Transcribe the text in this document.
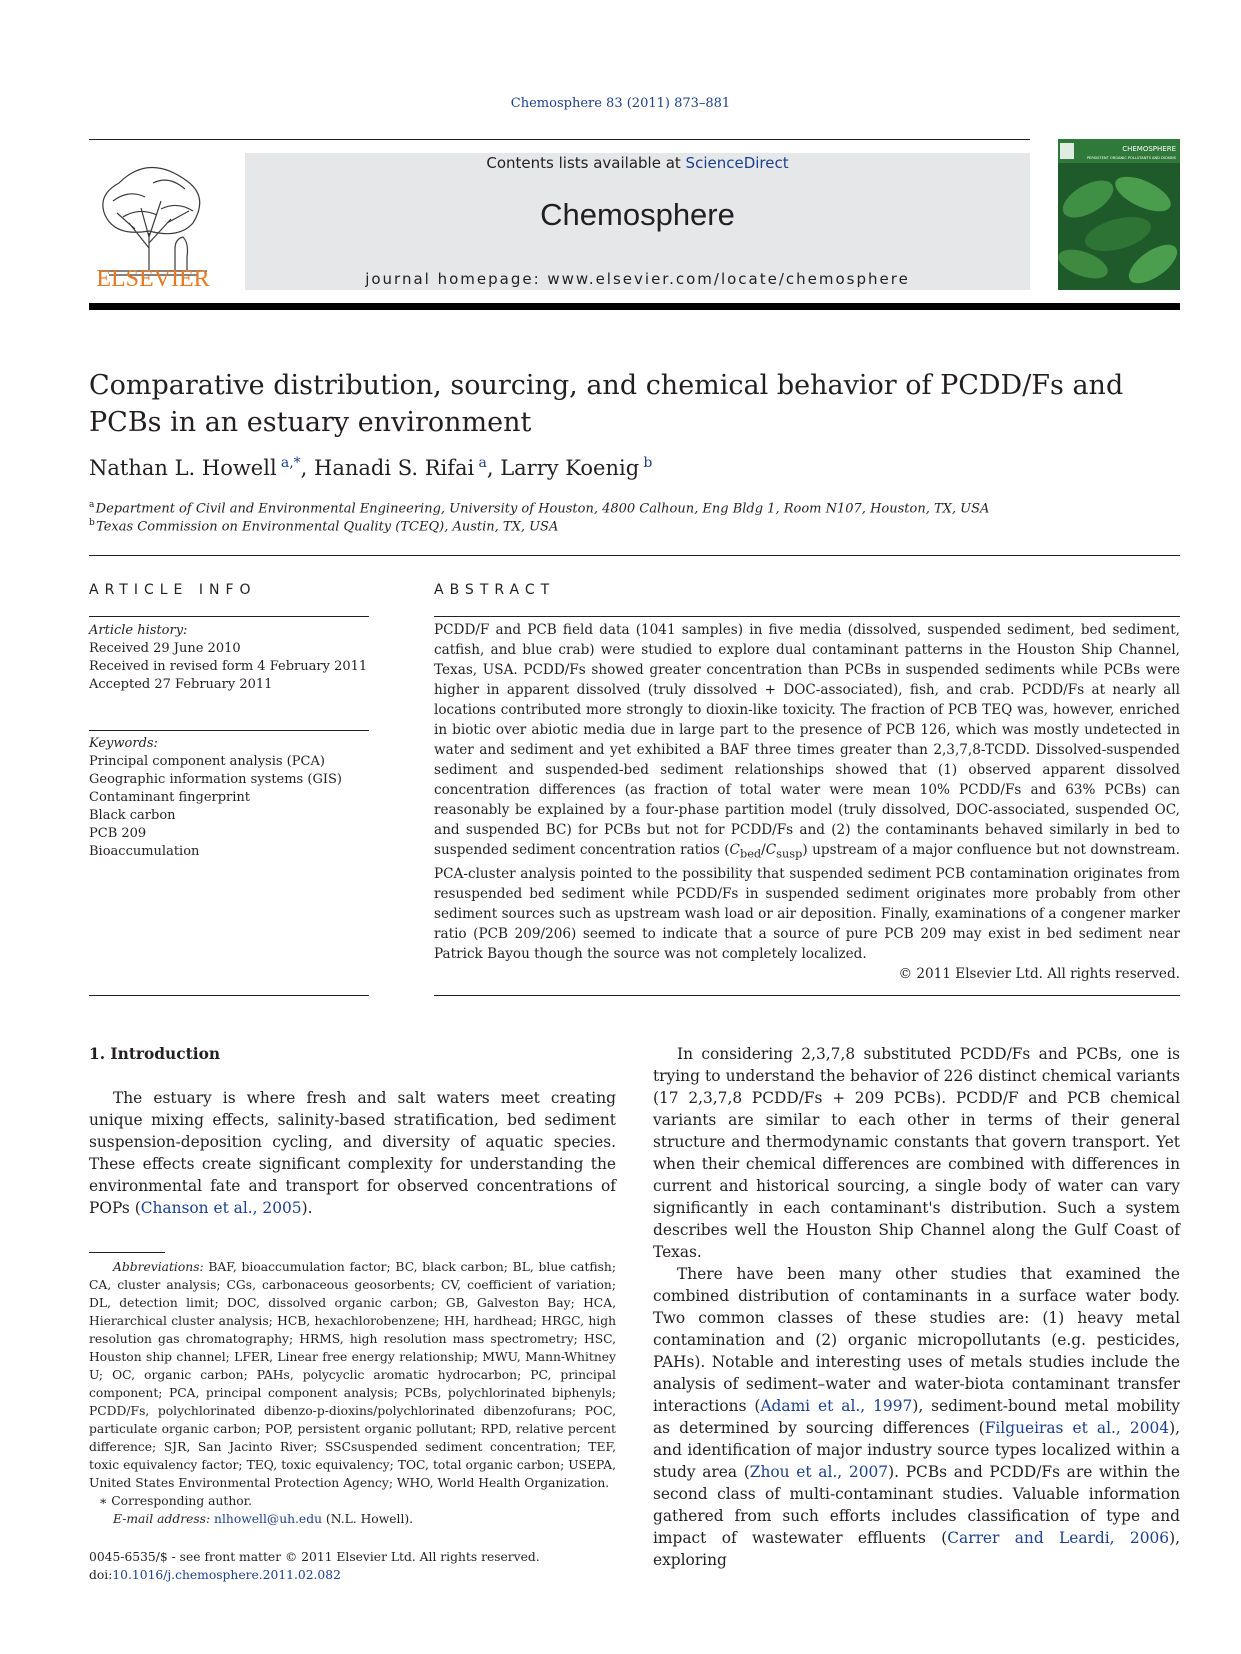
Chemosphere 83 (2011) 873–881
ELSEVIER
Contents lists available at ScienceDirect
Chemosphere
journal homepage: www.elsevier.com/locate/chemosphere
CHEMOSPHERE
PERSISTENT ORGANIC POLLUTANTS AND DIOXINS
Comparative distribution, sourcing, and chemical behavior of PCDD/Fs and PCBs in an estuary environment
Nathan L. Howell  $^{a,*}$, Hanadi S. Rifai  $^a$, Larry Koenig  $^b$
$^a$ Department of Civil and Environmental Engineering, University of Houston, 4800 Calhoun, Eng Bldg 1, Room N107, Houston, TX, USA
$^b$ Texas Commission on Environmental Quality (TCEQ), Austin, TX, USA
ARTICLE INFO
Article history:
Received 29 June 2010
Received in revised form 4 February 2011
Accepted 27 February 2011
Keywords:
Principal component analysis (PCA)
Geographic information systems (GIS)
Contaminant fingerprint
Black carbon
PCB 209
Bioaccumulation
ABSTRACT
PCDD/F and PCB field data (1041 samples) in five media (dissolved, suspended sediment, bed sediment, catfish, and blue crab) were studied to explore dual contaminant patterns in the Houston Ship Channel, Texas, USA. PCDD/Fs showed greater concentration than PCBs in suspended sediments while PCBs were higher in apparent dissolved (truly dissolved + DOC-associated), fish, and crab. PCDD/Fs at nearly all locations contributed more strongly to dioxin-like toxicity. The fraction of PCB TEQ was, however, enriched in biotic over abiotic media due in large part to the presence of PCB 126, which was mostly undetected in water and sediment and yet exhibited a BAF three times greater than 2,3,7,8-TCDD. Dissolved-suspended sediment and suspended-bed sediment relationships showed that (1) observed apparent dissolved concentration differences (as fraction of total water were mean 10% PCDD/Fs and 63% PCBs) can reasonably be explained by a four-phase partition model (truly dissolved, DOC-associated, suspended OC, and suspended BC) for PCBs but not for PCDD/Fs and (2) the contaminants behaved similarly in bed to suspended sediment concentration ratios $(C_{bed}/C_{susp})$ upstream of a major confluence but not downstream. PCA-cluster analysis pointed to the possibility that suspended sediment PCB contamination originates from resuspended bed sediment while PCDD/Fs in suspended sediment originates more probably from other sediment sources such as upstream wash load or air deposition. Finally, examinations of a congener marker ratio (PCB 209/206) seemed to indicate that a source of pure PCB 209 may exist in bed sediment near Patrick Bayou though the source was not completely localized.
© 2011 Elsevier Ltd. All rights reserved.
1. Introduction

The estuary is where fresh and salt waters meet creating unique mixing effects, salinity-based stratification, bed sediment suspension-deposition cycling, and diversity of aquatic species. These effects create significant complexity for understanding the environmental fate and transport for observed concentrations of POPs (Chanson et al., 2005).

Abbreviations: BAF, bioaccumulation factor; BC, black carbon; BL, blue catfish; CA, cluster analysis; CGs, carbonaceous geosorbents; CV, coefficient of variation; DL, detection limit; DOC, dissolved organic carbon; GB, Galveston Bay; HCA, Hierarchical cluster analysis; HCB, hexachlorobenzene; HH, hardhead; HRGC, high resolution gas chromatography; HRMS, high resolution mass spectrometry; HSC, Houston ship channel; LFER, Linear free energy relationship; MWU, Mann-Whitney U; OC, organic carbon; PAHs, polycyclic aromatic hydrocarbon; PC, principal component; PCA, principal component analysis; PCBs, polychlorinated biphenyls; PCDD/Fs, polychlorinated dibenzo-p-dioxins/polychlorinated dibenzofurans; POC, particulate organic carbon; POP, persistent organic pollutant; RPD, relative percent difference; SJR, San Jacinto River; SSCsuspended sediment concentration; TEF, toxic equivalency factor; TEQ, toxic equivalency; TOC, total organic carbon; USEPA, United States Environmental Protection Agency; WHO, World Health Organization.

∗ Corresponding author.

E-mail address: nlhowell@uh.edu (N.L. Howell).

In considering 2,3,7,8 substituted PCDD/Fs and PCBs, one is trying to understand the behavior of 226 distinct chemical variants (17 2,3,7,8 PCDD/Fs + 209 PCBs). PCDD/F and PCB chemical variants are similar to each other in terms of their general structure and thermodynamic constants that govern transport. Yet when their chemical differences are combined with differences in current and historical sourcing, a single body of water can vary significantly in each contaminant's distribution. Such a system describes well the Houston Ship Channel along the Gulf Coast of Texas.

There have been many other studies that examined the combined distribution of contaminants in a surface water body. Two common classes of these studies are: (1) heavy metal contamination and (2) organic micropollutants (e.g. pesticides, PAHs). Notable and interesting uses of metals studies include the analysis of sediment–water and water-biota contaminant transfer interactions (Adami et al., 1997), sediment-bound metal mobility as determined by sourcing differences (Filgueiras et al., 2004), and identification of major industry source types localized within a study area (Zhou et al., 2007). PCBs and PCDD/Fs are within the second class of multi-contaminant studies. Valuable information gathered from such efforts includes classification of type and impact of wastewater effluents (Carrer and Leardi, 2006), exploring

0045-6535/$ - see front matter © 2011 Elsevier Ltd. All rights reserved.
doi:10.1016/j.chemosphere.2011.02.082
